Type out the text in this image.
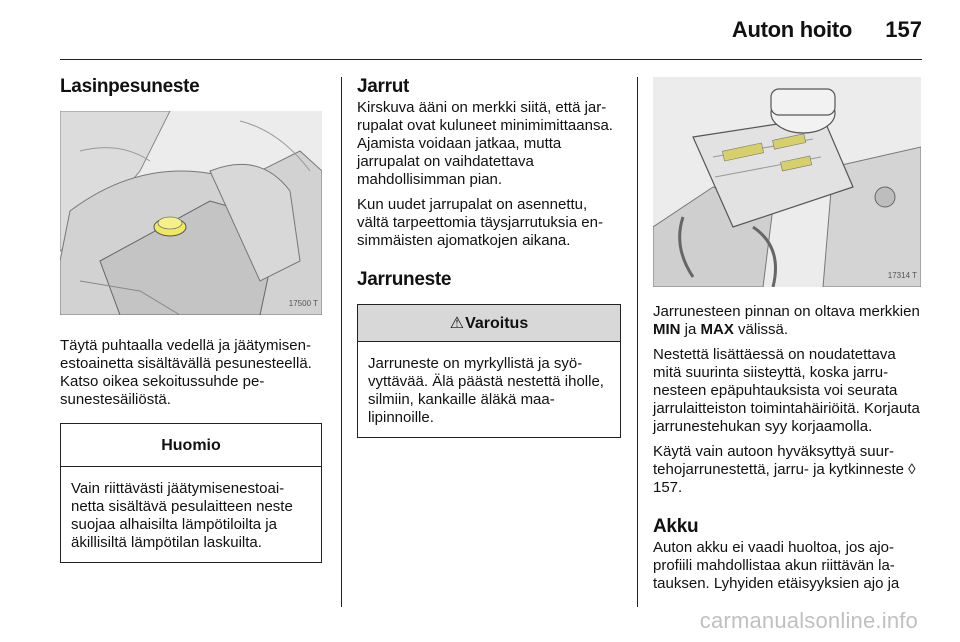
Auton hoito 157
Lasinpesuneste
17500 T

Täytä puhtaalla vedellä ja jäätymisenestoainetta sisältävällä pesunesteellä. Katso oikea sekoitussuhde pesunestesäiliöstä.

Huomio
Vain riittävästi jäätymisenestoainetta sisältävä pesulaitteen neste suojaa alhaisilta lämpötiloilta ja äkillisiltä lämpötilan laskuilta.
Jarrut

Kirskuva ääni on merkki siitä, että jarrupalat ovat kuluneet minimimittaansa. Ajamista voidaan jatkaa, mutta jarrupalat on vaihdatettava mahdollisimman pian.

Kun uudet jarrupalat on asennettu, vältä tarpeettomia täysjarrutuksia ensimmäisten ajomatkojen aikana.

Jarruneste
⚠Varoitus
Jarruneste on myrkyllistä ja syövyttävää. Älä päästä nestettä iholle, silmiin, kankaille äläkä maalipinnoille.
17314 T

Jarrunesteen pinnan on oltava merkkien MIN ja MAX välissä.

Nestettä lisättäessä on noudatettava mitä suurinta siisteyttä, koska jarrunesteen epäpuhtauksista voi seurata jarrulaitteiston toimintahäiriöitä. Korjauta jarrunestehukan syy korjaamolla.

Käytä vain autoon hyväksyttyä suurtehojarrunestettä, jarru- ja kytkinneste ◊ 157.

Akku

Auton akku ei vaadi huoltoa, jos ajoprofiili mahdollistaa akun riittävän latauksen. Lyhyiden etäisyyksien ajo ja

carmanualsonline.info
